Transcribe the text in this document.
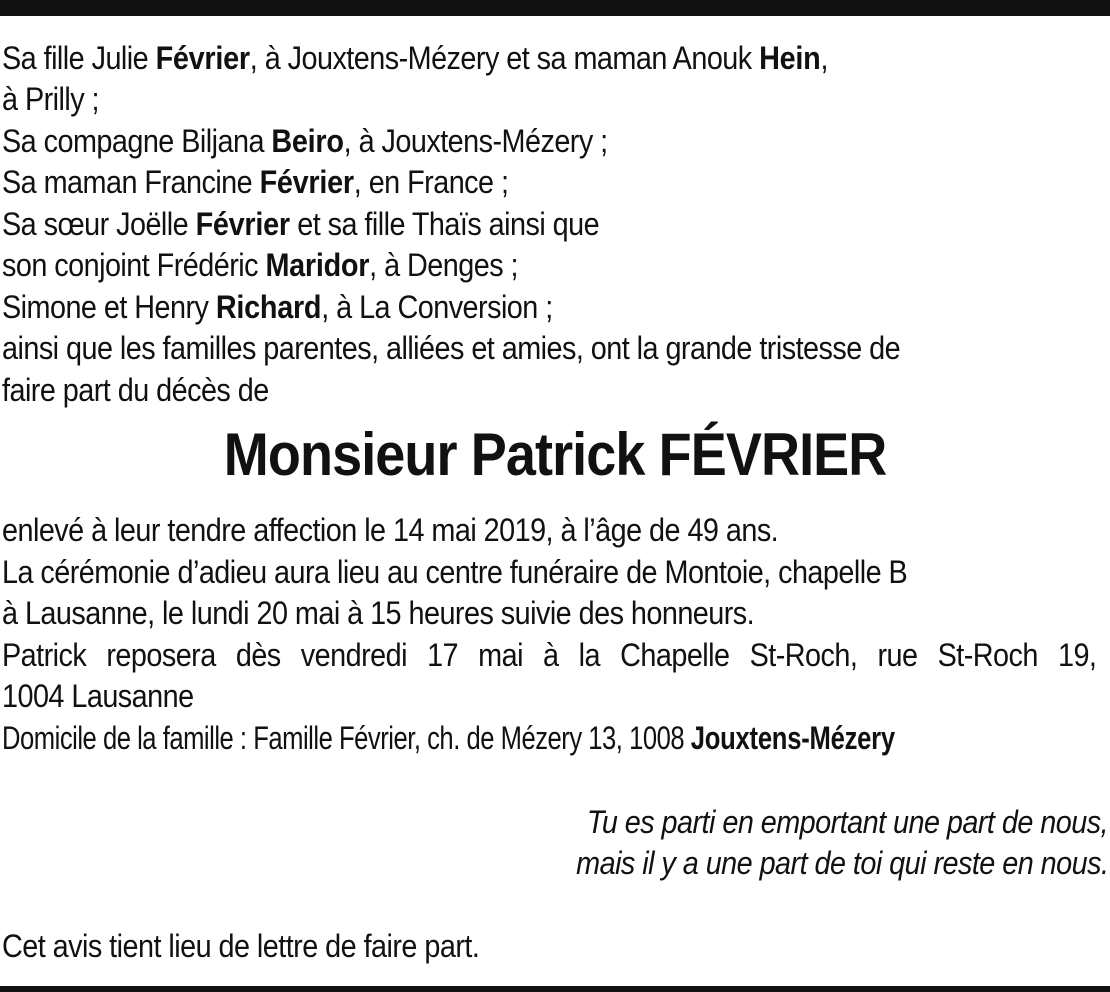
Sa fille Julie Février, à Jouxtens-Mézery et sa maman Anouk Hein,
à Prilly ;
Sa compagne Biljana Beiro, à Jouxtens-Mézery ;
Sa maman Francine Février, en France ;
Sa sœur Joëlle Février et sa fille Thaïs ainsi que
son conjoint Frédéric Maridor, à Denges ;
Simone et Henry Richard, à La Conversion ;
ainsi que les familles parentes, alliées et amies, ont la grande tristesse de
faire part du décès de
Monsieur Patrick FÉVRIER
enlevé à leur tendre affection le 14 mai 2019, à l’âge de 49 ans.
La cérémonie d’adieu aura lieu au centre funéraire de Montoie, chapelle B
à Lausanne, le lundi 20 mai à 15 heures suivie des honneurs.
Patrick reposera dès vendredi 17 mai à la Chapelle St-Roch, rue St-Roch 19,
1004 Lausanne
Domicile de la famille : Famille Février, ch. de Mézery 13, 1008 Jouxtens-Mézery
Tu es parti en emportant une part de nous,
mais il y a une part de toi qui reste en nous.
Cet avis tient lieu de lettre de faire part.
